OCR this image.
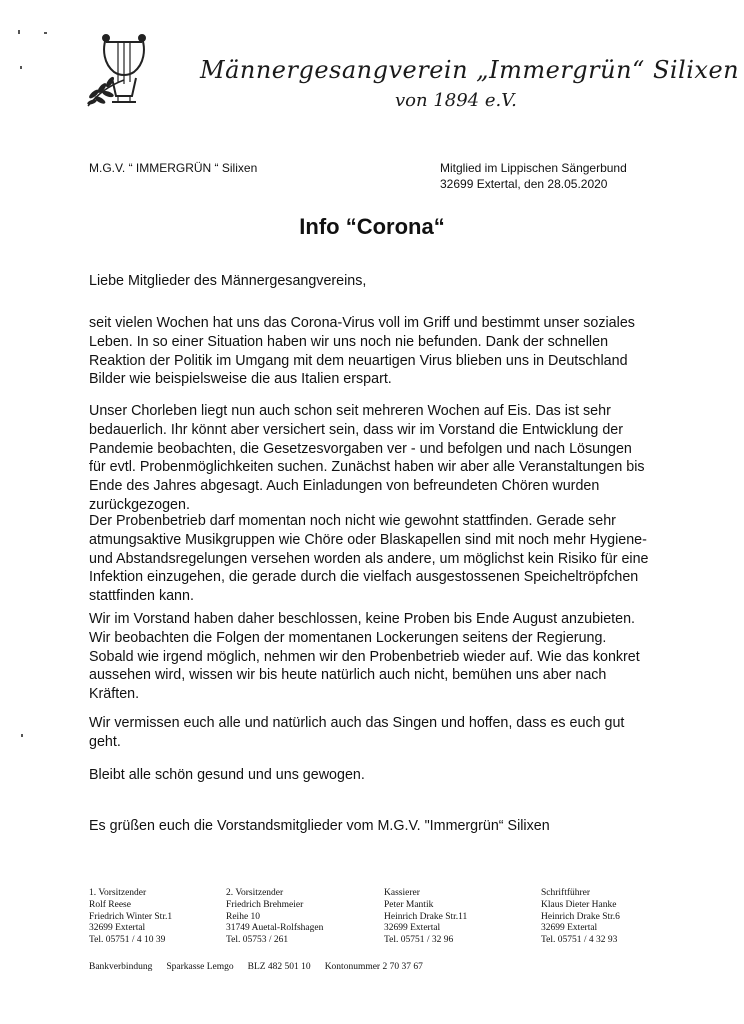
Männergesangverein „Immergrün“ Silixen
von 1894 e.V.
M.G.V. “ IMMERGRÜN “ Silixen	Mitglied im Lippischen Sängerbund
32699 Extertal, den 28.05.2020
Info “Corona“

Liebe Mitglieder des Männergesangvereins,

seit vielen Wochen hat uns das Corona-Virus voll im Griff und bestimmt unser soziales Leben. In so einer Situation haben wir uns noch nie befunden. Dank der schnellen Reaktion der Politik im Umgang mit dem neuartigen Virus blieben uns in Deutschland Bilder wie beispielsweise die aus Italien erspart.

Unser Chorleben liegt nun auch schon seit mehreren Wochen auf Eis. Das ist sehr bedauerlich. Ihr könnt aber versichert sein, dass wir im Vorstand die Entwicklung der Pandemie beobachten, die Gesetzesvorgaben ver - und befolgen und nach Lösungen für evtl. Probenmöglichkeiten suchen. Zunächst haben wir aber alle Veranstaltungen bis Ende des Jahres abgesagt. Auch Einladungen von befreundeten Chören wurden zurückgezogen.

Der Probenbetrieb darf momentan noch nicht wie gewohnt stattfinden. Gerade sehr atmungsaktive Musikgruppen wie Chöre oder Blaskapellen sind mit noch mehr Hygiene- und Abstandsregelungen versehen worden als andere, um möglichst kein Risiko für eine Infektion einzugehen, die gerade durch die vielfach ausgestossenen Speicheltröpfchen stattfinden kann.

Wir im Vorstand haben daher beschlossen, keine Proben bis Ende August anzubieten. Wir beobachten die Folgen der momentanen Lockerungen seitens der Regierung. Sobald wie irgend möglich, nehmen wir den Probenbetrieb wieder auf. Wie das konkret aussehen wird, wissen wir bis heute natürlich auch nicht, bemühen uns aber nach Kräften.

Wir vermissen euch alle und natürlich auch das Singen und hoffen, dass es euch gut geht.

Bleibt alle schön gesund und uns gewogen.

Es grüßen euch die Vorstandsmitglieder vom M.G.V. "Immergrün“ Silixen

1. Vorsitzender
Rolf Reese
Friedrich Winter Str.1
32699 Extertal
Tel. 05751 / 4 10 39
2. Vorsitzender
Friedrich Brehmeier
Reihe 10
31749 Auetal-Rolfshagen
Tel. 05753 / 261
Kassierer
Peter Mantik
Heinrich Drake Str.11
32699 Extertal
Tel. 05751 / 32 96
Schriftführer
Klaus Dieter Hanke
Heinrich Drake Str.6
32699 Extertal
Tel. 05751 / 4 32 93
Bankverbindung Sparkasse Lemgo BLZ 482 501 10 Kontonummer 2 70 37 67
